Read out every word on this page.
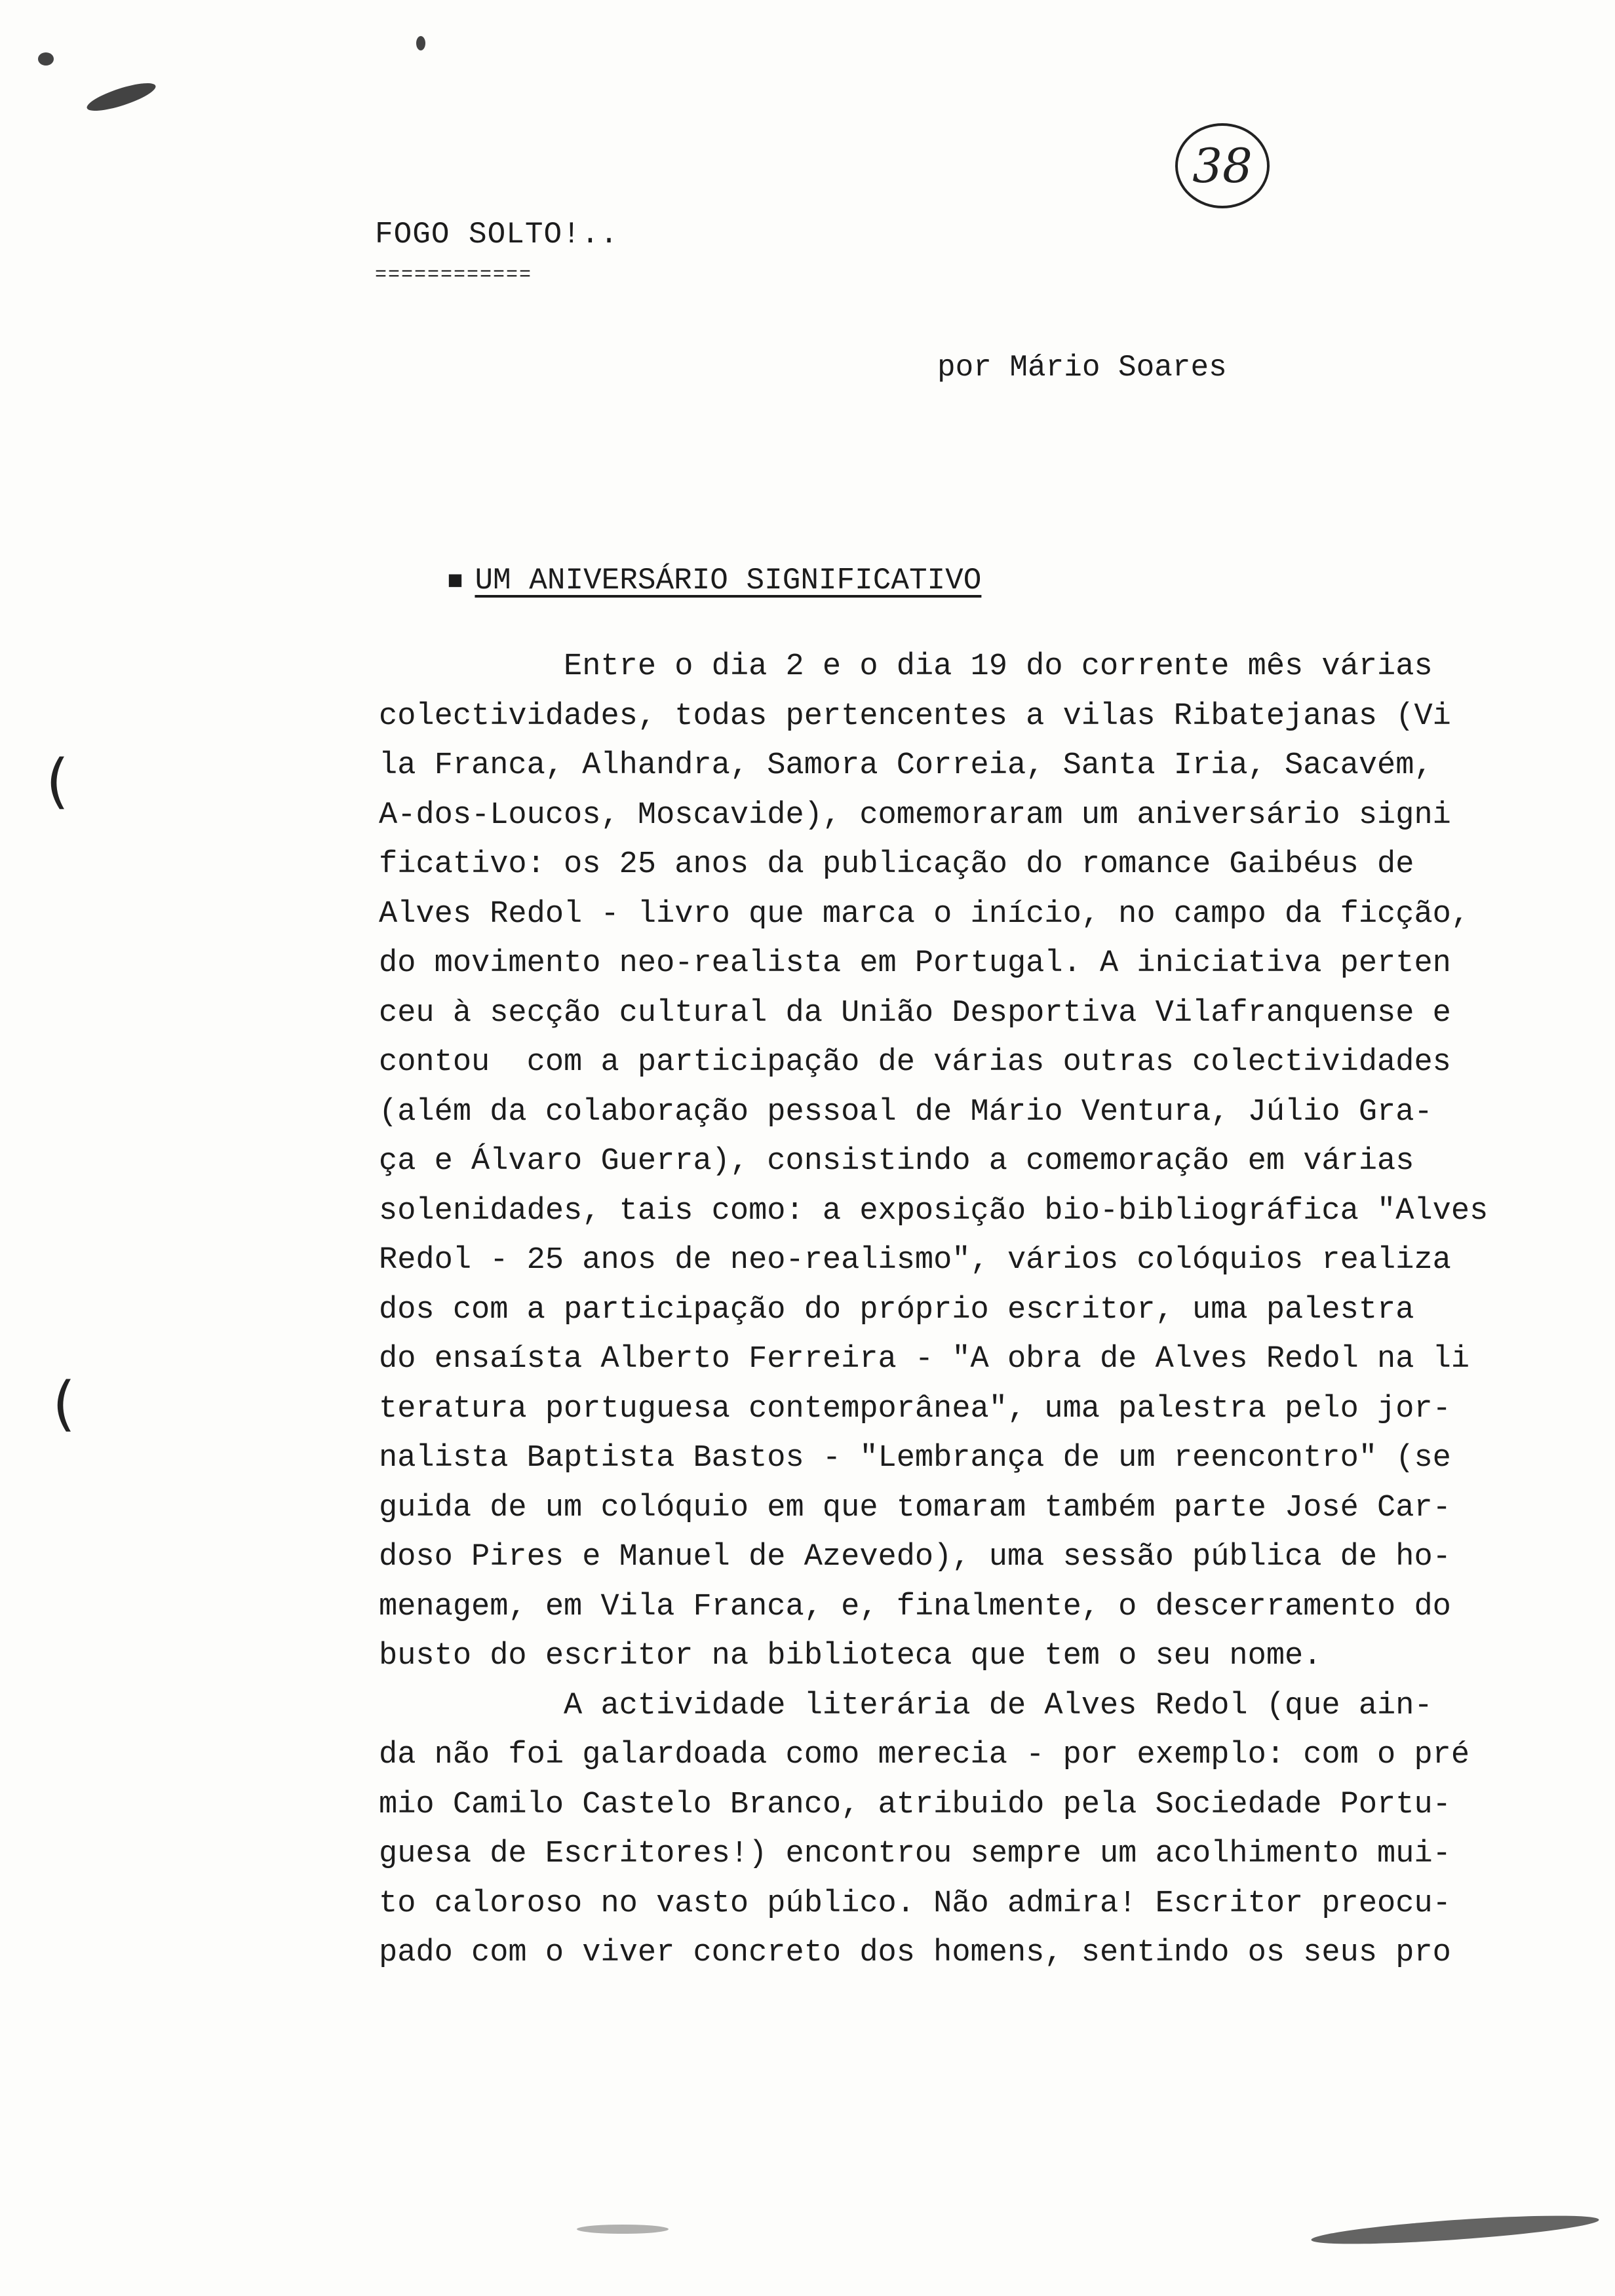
(
(
38
FOGO SOLTO!..
============
por Mário Soares

■ UM ANIVERSÁRIO SIGNIFICATIVO

Entre o dia 2 e o dia 19 do corrente mês várias
colectividades, todas pertencentes a vilas Ribatejanas (Vi
la Franca, Alhandra, Samora Correia, Santa Iria, Sacavém,
A-dos-Loucos, Moscavide), comemoraram um aniversário signi
ficativo: os 25 anos da publicação do romance Gaibéus de
Alves Redol - livro que marca o início, no campo da ficção,
do movimento neo-realista em Portugal. A iniciativa perten
ceu à secção cultural da União Desportiva Vilafranquense e
contou  com a participação de várias outras colectividades
(além da colaboração pessoal de Mário Ventura, Júlio Gra-
ça e Álvaro Guerra), consistindo a comemoração em várias
solenidades, tais como: a exposição bio-bibliográfica "Alves
Redol - 25 anos de neo-realismo", vários colóquios realiza
dos com a participação do próprio escritor, uma palestra
do ensaísta Alberto Ferreira - "A obra de Alves Redol na li
teratura portuguesa contemporânea", uma palestra pelo jor-
nalista Baptista Bastos - "Lembrança de um reencontro" (se
guida de um colóquio em que tomaram também parte José Car-
doso Pires e Manuel de Azevedo), uma sessão pública de ho-
menagem, em Vila Franca, e, finalmente, o descerramento do
busto do escritor na biblioteca que tem o seu nome.
A actividade literária de Alves Redol (que ain-
da não foi galardoada como merecia - por exemplo: com o pré
mio Camilo Castelo Branco, atribuido pela Sociedade Portu-
guesa de Escritores!) encontrou sempre um acolhimento mui-
to caloroso no vasto público. Não admira! Escritor preocu-
pado com o viver concreto dos homens, sentindo os seus pro
